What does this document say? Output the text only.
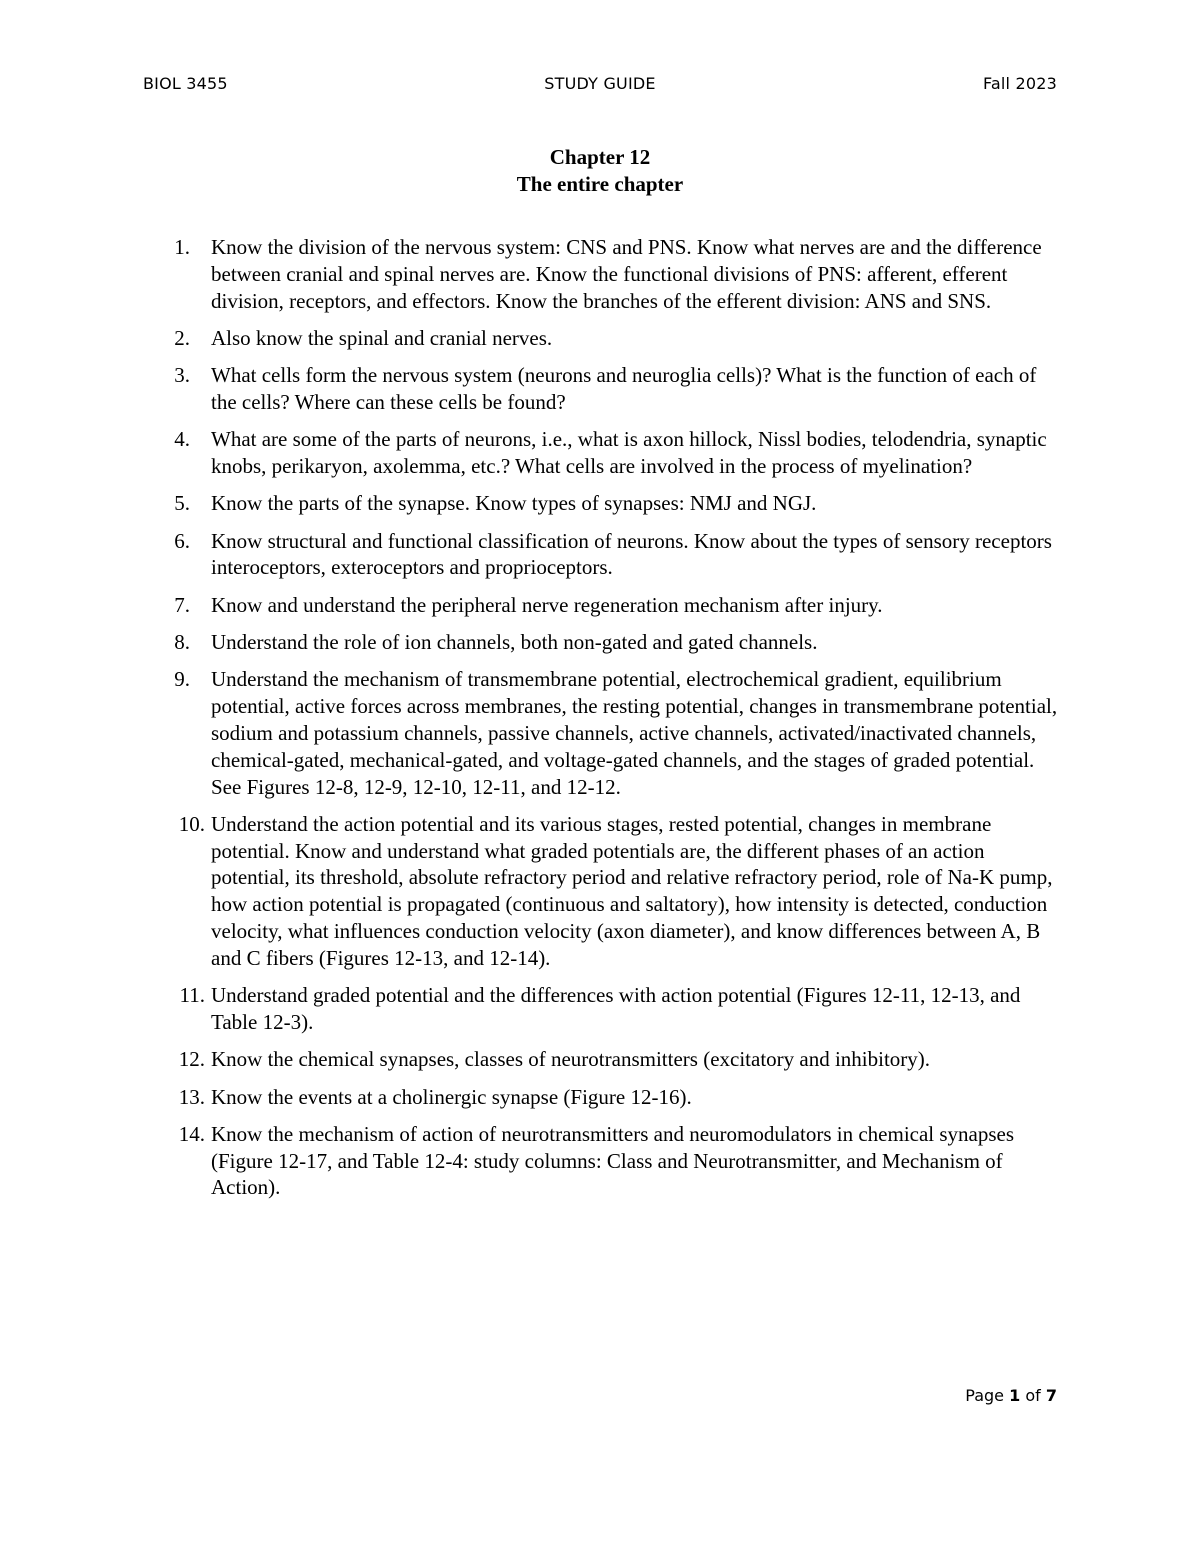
BIOL 3455	STUDY GUIDE	Fall 2023
Chapter 12
The entire chapter
1. Know the division of the nervous system: CNS and PNS. Know what nerves are and the difference between cranial and spinal nerves are. Know the functional divisions of PNS: afferent, efferent division, receptors, and effectors. Know the branches of the efferent division: ANS and SNS.
2. Also know the spinal and cranial nerves.
3. What cells form the nervous system (neurons and neuroglia cells)? What is the function of each of the cells? Where can these cells be found?
4. What are some of the parts of neurons, i.e., what is axon hillock, Nissl bodies, telodendria, synaptic knobs, perikaryon, axolemma, etc.? What cells are involved in the process of myelination?
5. Know the parts of the synapse. Know types of synapses: NMJ and NGJ.
6. Know structural and functional classification of neurons. Know about the types of sensory receptors interoceptors, exteroceptors and proprioceptors.
7. Know and understand the peripheral nerve regeneration mechanism after injury.
8. Understand the role of ion channels, both non-gated and gated channels.
9. Understand the mechanism of transmembrane potential, electrochemical gradient, equilibrium potential, active forces across membranes, the resting potential, changes in transmembrane potential, sodium and potassium channels, passive channels, active channels, activated/inactivated channels, chemical-gated, mechanical-gated, and voltage-gated channels, and the stages of graded potential. See Figures 12-8, 12-9, 12-10, 12-11, and 12-12.
10. Understand the action potential and its various stages, rested potential, changes in membrane potential. Know and understand what graded potentials are, the different phases of an action potential, its threshold, absolute refractory period and relative refractory period, role of Na-K pump, how action potential is propagated (continuous and saltatory), how intensity is detected, conduction velocity, what influences conduction velocity (axon diameter), and know differences between A, B and C fibers (Figures 12-13, and 12-14).
11. Understand graded potential and the differences with action potential (Figures 12-11, 12-13, and Table 12-3).
12. Know the chemical synapses, classes of neurotransmitters (excitatory and inhibitory).
13. Know the events at a cholinergic synapse (Figure 12-16).
14. Know the mechanism of action of neurotransmitters and neuromodulators in chemical synapses (Figure 12-17, and Table 12-4: study columns: Class and Neurotransmitter, and Mechanism of Action).
Page 1 of 7
